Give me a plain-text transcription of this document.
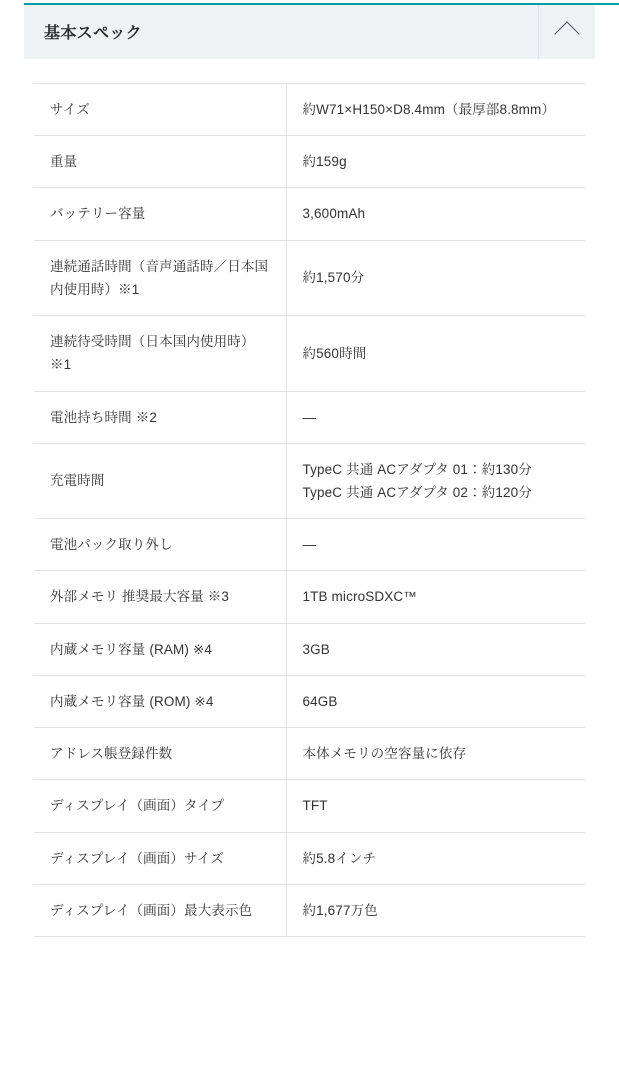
基本スペック
サイズ	約W71×H150×D8.4mm（最厚部8.8mm）
重量	約159g
バッテリー容量	3,600mAh
連続通話時間（音声通話時／日本国内使用時）※1	約1,570分
連続待受時間（日本国内使用時）※1	約560時間
電池持ち時間 ※2	—
充電時間	TypeC 共通 ACアダプタ 01：約130分
TypeC 共通 ACアダプタ 02：約120分

電池パック取り外し	—
外部メモリ 推奨最大容量 ※3	1TB microSDXC™
内蔵メモリ容量 (RAM) ※4	3GB
内蔵メモリ容量 (ROM) ※4	64GB
アドレス帳登録件数	本体メモリの空容量に依存
ディスプレイ（画面）タイプ	TFT
ディスプレイ（画面）サイズ	約5.8インチ
ディスプレイ（画面）最大表示色	約1,677万色
